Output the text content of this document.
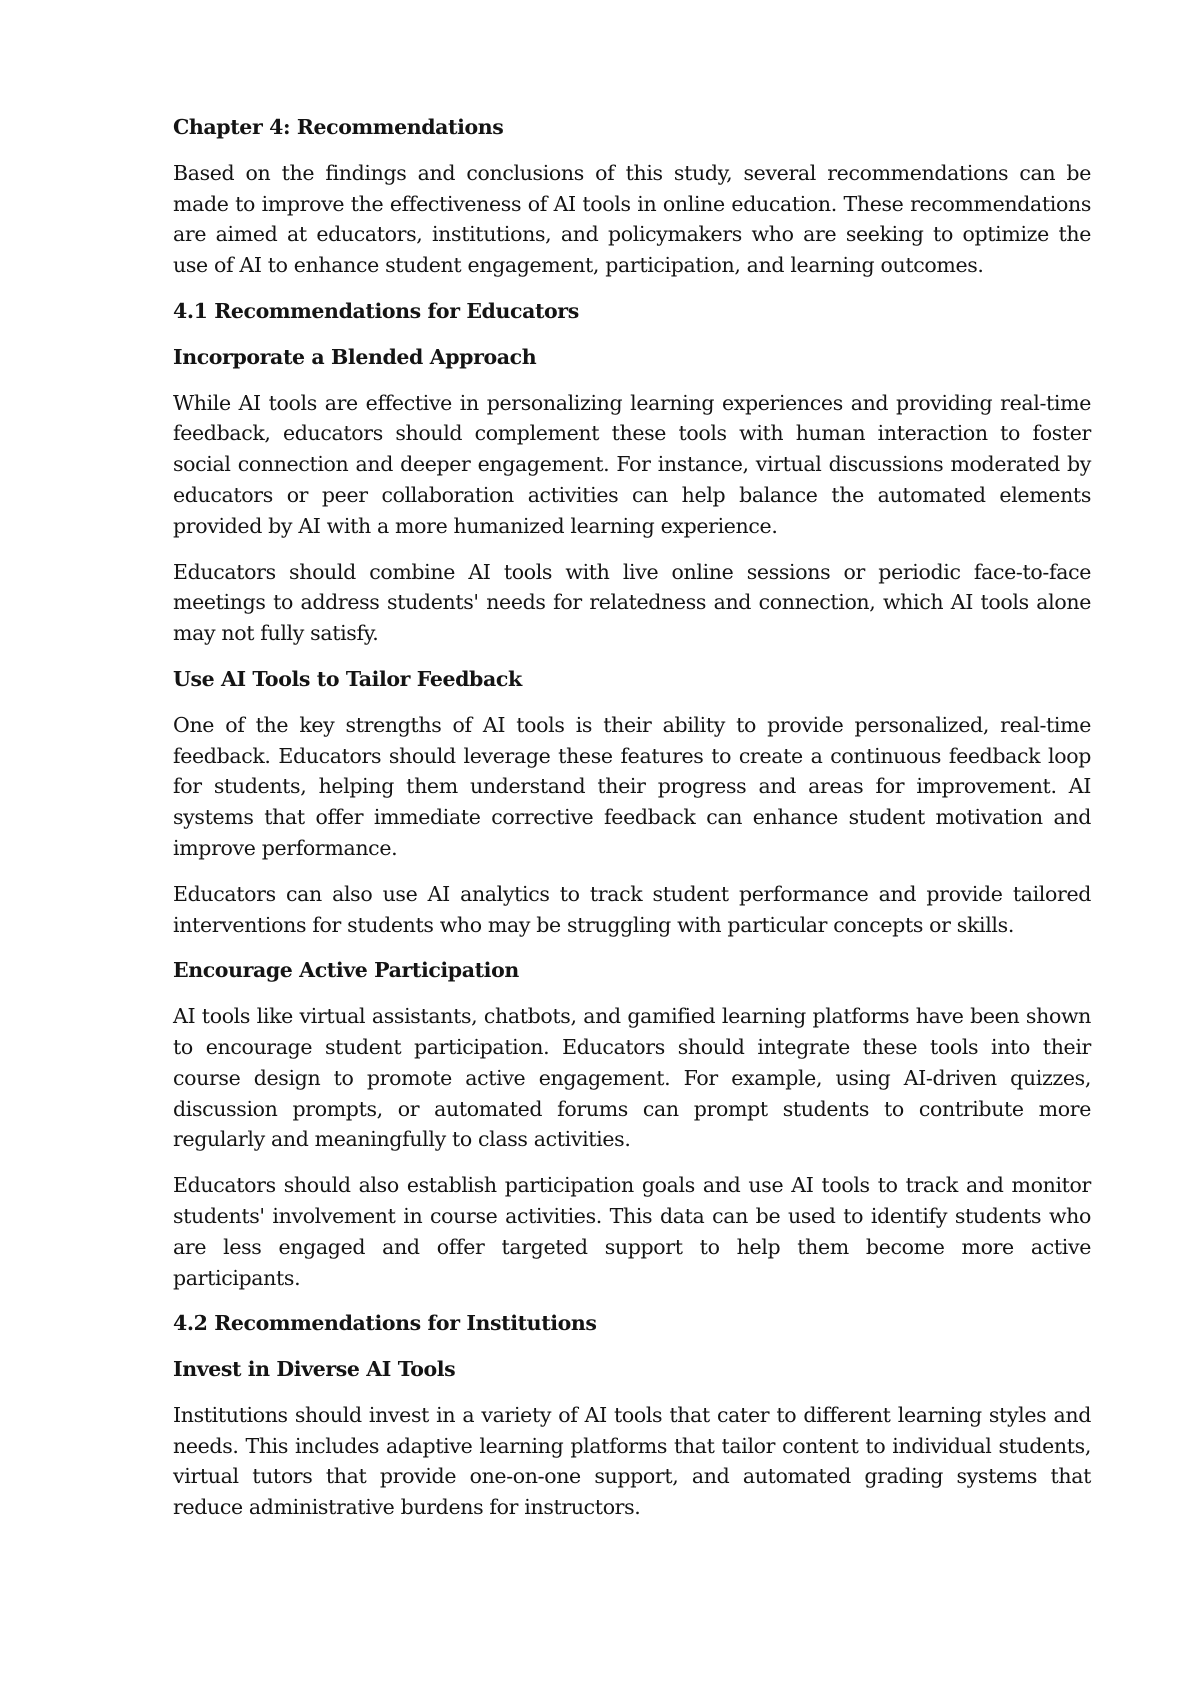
Chapter 4: Recommendations

Based on the findings and conclusions of this study, several recommendations can be made to improve the effectiveness of AI tools in online education. These recommendations are aimed at educators, institutions, and policymakers who are seeking to optimize the use of AI to enhance student engagement, participation, and learning outcomes.

4.1 Recommendations for Educators
Incorporate a Blended Approach

While AI tools are effective in personalizing learning experiences and providing real-time feedback, educators should complement these tools with human interaction to foster social connection and deeper engagement. For instance, virtual discussions moderated by educators or peer collaboration activities can help balance the automated elements provided by AI with a more humanized learning experience.

Educators should combine AI tools with live online sessions or periodic face-to-face meetings to address students' needs for relatedness and connection, which AI tools alone may not fully satisfy.

Use AI Tools to Tailor Feedback

One of the key strengths of AI tools is their ability to provide personalized, real-time feedback. Educators should leverage these features to create a continuous feedback loop for students, helping them understand their progress and areas for improvement. AI systems that offer immediate corrective feedback can enhance student motivation and improve performance.

Educators can also use AI analytics to track student performance and provide tailored interventions for students who may be struggling with particular concepts or skills.

Encourage Active Participation

AI tools like virtual assistants, chatbots, and gamified learning platforms have been shown to encourage student participation. Educators should integrate these tools into their course design to promote active engagement. For example, using AI-driven quizzes, discussion prompts, or automated forums can prompt students to contribute more regularly and meaningfully to class activities.

Educators should also establish participation goals and use AI tools to track and monitor students' involvement in course activities. This data can be used to identify students who are less engaged and offer targeted support to help them become more active participants.

4.2 Recommendations for Institutions
Invest in Diverse AI Tools

Institutions should invest in a variety of AI tools that cater to different learning styles and needs. This includes adaptive learning platforms that tailor content to individual students, virtual tutors that provide one-on-one support, and automated grading systems that reduce administrative burdens for instructors.
